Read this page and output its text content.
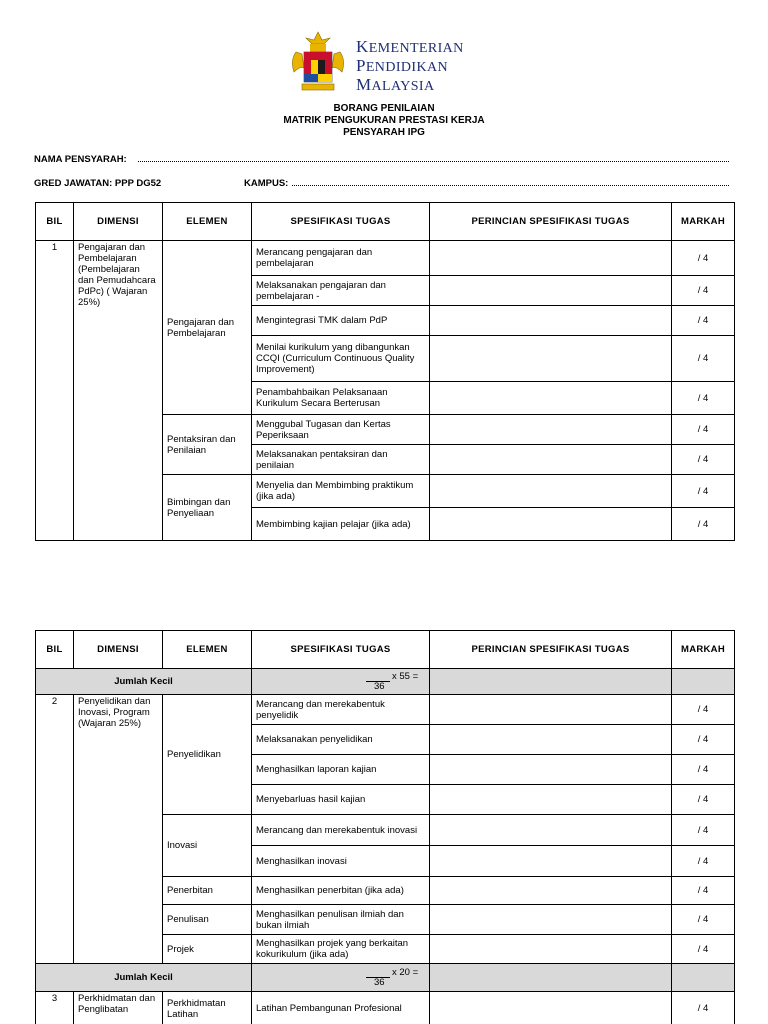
KEMENTERIAN
PENDIDIKAN
MALAYSIA
BORANG PENILAIAN
MATRIK PENGUKURAN PRESTASI KERJA
PENSYARAH IPG
NAMA PENSYARAH:
GRED JAWATAN: PPP DG52	KAMPUS:
BIL	DIMENSI	ELEMEN	SPESIFIKASI TUGAS	PERINCIAN SPESIFIKASI TUGAS	MARKAH
1	Pengajaran dan Pembelajaran (Pembelajaran dan Pemudahcara PdPc) ( Wajaran 25%)	Pengajaran dan Pembelajaran	Merancang pengajaran dan pembelajaran		/ 4
			Melaksanakan pengajaran dan pembelajaran -		/ 4
			Mengintegrasi TMK dalam PdP		/ 4
			Menilai kurikulum yang dibangunkan CCQI (Curriculum Continuous Quality Improvement)		/ 4
			Penambahbaikan Pelaksanaan Kurikulum Secara Berterusan		/ 4
		Pentaksiran dan Penilaian	Menggubal Tugasan dan Kertas Peperiksaan		/ 4
			Melaksanakan pentaksiran dan penilaian		/ 4
		Bimbingan dan Penyeliaan	Menyelia dan Membimbing praktikum (jika ada)		/ 4
			Membimbing kajian pelajar (jika ada)		/ 4
BIL	DIMENSI	ELEMEN	SPESIFIKASI TUGAS	PERINCIAN SPESIFIKASI TUGAS	MARKAH
Jumlah Kecil			x 55 =
36		

2	Penyelidikan dan Inovasi, Program (Wajaran 25%)	Penyelidikan	Merancang dan merekabentuk penyelidik		/ 4
			Melaksanakan penyelidikan		/ 4
			Menghasilkan laporan kajian		/ 4
			Menyebarluas hasil kajian		/ 4
		Inovasi	Merancang dan merekabentuk inovasi		/ 4
			Menghasilkan inovasi		/ 4
		Penerbitan	Menghasilkan penerbitan (jika ada)		/ 4
		Penulisan	Menghasilkan penulisan ilmiah dan bukan ilmiah		/ 4
		Projek	Menghasilkan projek yang berkaitan kokurikulum (jika ada)		/ 4
Jumlah Kecil			x 20 =
36		

3	Perkhidmatan dan Penglibatan	Perkhidmatan Latihan	Latihan Pembangunan Profesional		/ 4
